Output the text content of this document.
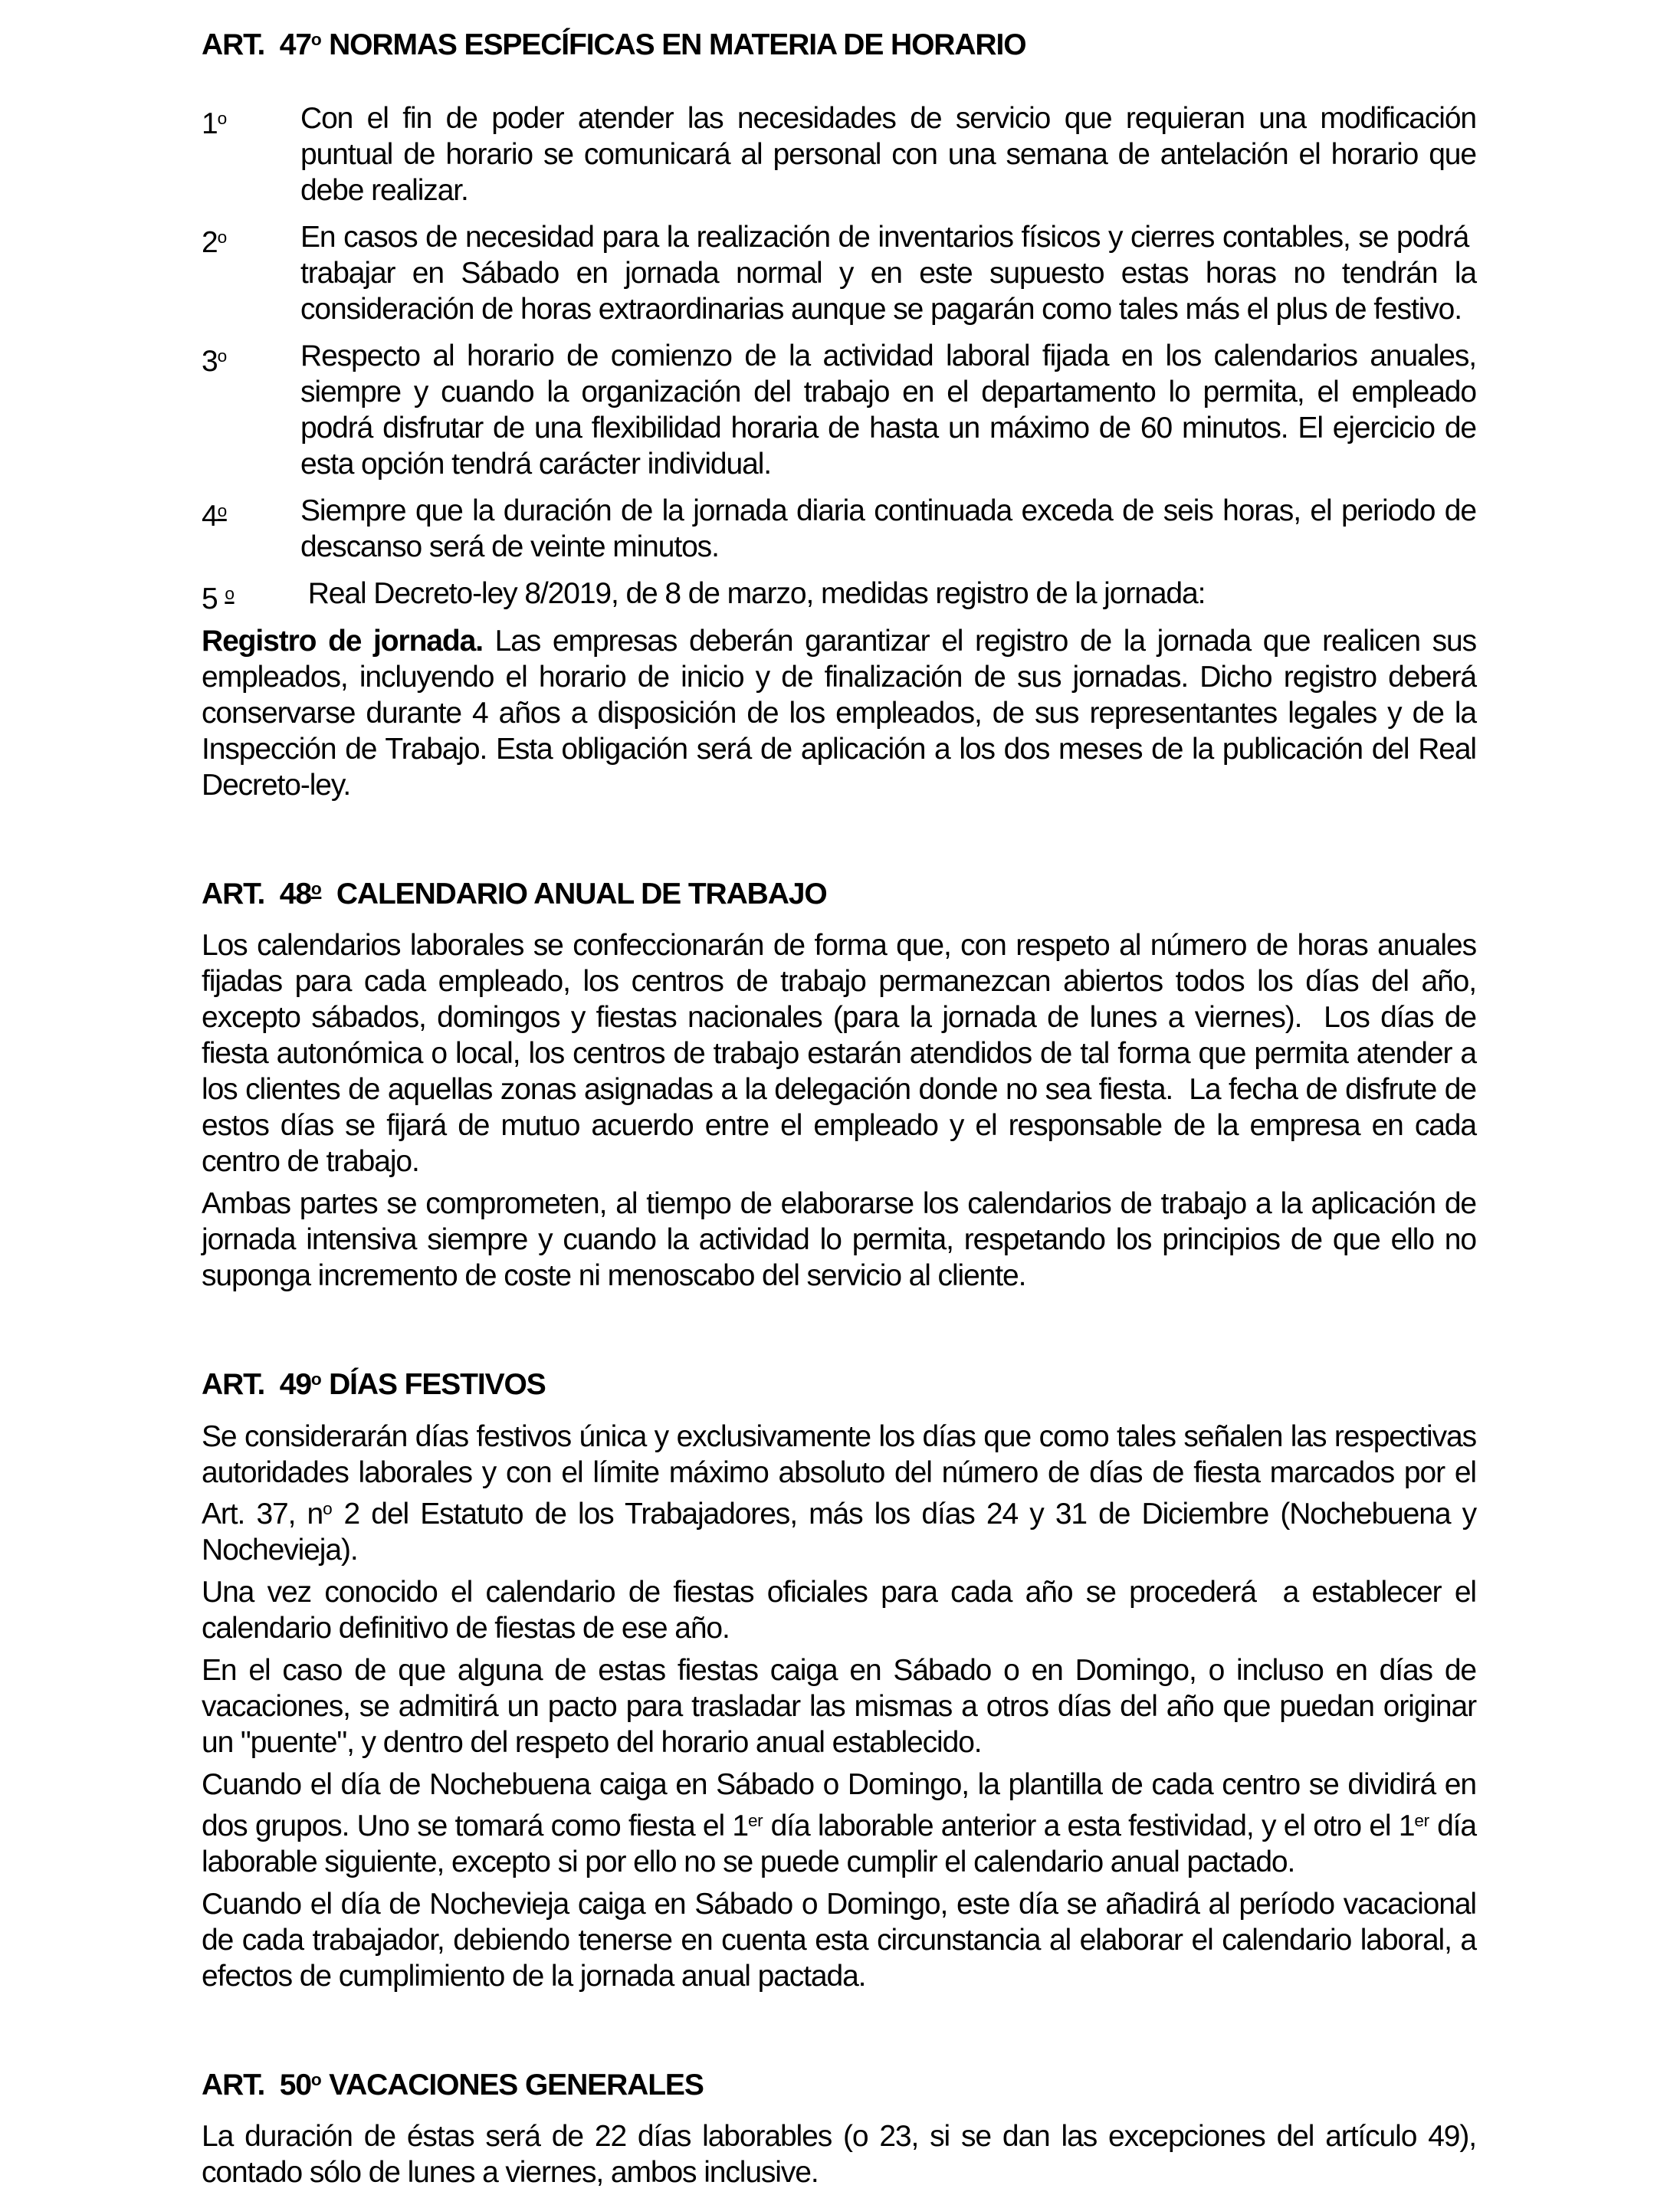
ART.  47$^o$ NORMAS ESPECÍFICAS EN MATERIA DE HORARIO
1$^o$	Con el fin de poder atender las necesidades de servicio que requieran una modificación puntual de horario se comunicará al personal con una semana de antelación el horario que debe realizar.

2$^o$	En casos de necesidad para la realización de inventarios físicos y cierres contables, se podrá  trabajar en Sábado en jornada normal y en este supuesto estas horas no tendrán la consideración de horas extraordinarias aunque se pagarán como tales más el plus de festivo.

3$^o$	Respecto al horario de comienzo de la actividad laboral fijada en los calendarios anuales, siempre y cuando la organización del trabajo en el departamento lo permita, el empleado podrá disfrutar de una flexibilidad horaria de hasta un máximo de 60 minutos. El ejercicio de esta opción tendrá carácter individual.

4$^o$	Siempre que la duración de la jornada diaria continuada exceda de seis horas, el periodo de descanso será de veinte minutos.

5 $^o$	Real Decreto-ley 8/2019, de 8 de marzo, medidas registro de la jornada:

Registro de jornada. Las empresas deberán garantizar el registro de la jornada que realicen sus empleados, incluyendo el horario de inicio y de finalización de sus jornadas. Dicho registro deberá conservarse durante 4 años a disposición de los empleados, de sus representantes legales y de la Inspección de Trabajo. Esta obligación será de aplicación a los dos meses de la publicación del Real Decreto-ley.

ART.  48$^o$  CALENDARIO ANUAL DE TRABAJO

Los calendarios laborales se confeccionarán de forma que, con respeto al número de horas anuales fijadas para cada empleado, los centros de trabajo permanezcan abiertos todos los días del año, excepto sábados, domingos y fiestas nacionales (para la jornada de lunes a viernes).  Los días de fiesta autonómica o local, los centros de trabajo estarán atendidos de tal forma que permita atender a los clientes de aquellas zonas asignadas a la delegación donde no sea fiesta.  La fecha de disfrute de estos días se fijará de mutuo acuerdo entre el empleado y el responsable de la empresa en cada centro de trabajo.

Ambas partes se comprometen, al tiempo de elaborarse los calendarios de trabajo a la aplicación de jornada intensiva siempre y cuando la actividad lo permita, respetando los principios de que ello no suponga incremento de coste ni menoscabo del servicio al cliente.

ART.  49$^o$ DÍAS FESTIVOS

Se considerarán días festivos única y exclusivamente los días que como tales señalen las respectivas autoridades laborales y con el límite máximo absoluto del número de días de fiesta marcados por el Art. 37, $n^o$ 2 del Estatuto de los Trabajadores, más los días 24 y 31 de Diciembre (Nochebuena y Nochevieja).

Una vez conocido el calendario de fiestas oficiales para cada año se procederá  a establecer el calendario definitivo de fiestas de ese año.

En el caso de que alguna de estas fiestas caiga en Sábado o en Domingo, o incluso en días de vacaciones, se admitirá un pacto para trasladar las mismas a otros días del año que puedan originar un "puente", y dentro del respeto del horario anual establecido.

Cuando el día de Nochebuena caiga en Sábado o Domingo, la plantilla de cada centro se dividirá en dos grupos. Uno se tomará como fiesta el 1er día laborable anterior a esta festividad, y el otro el 1er día laborable siguiente, excepto si por ello no se puede cumplir el calendario anual pactado.

Cuando el día de Nochevieja caiga en Sábado o Domingo, este día se añadirá al período vacacional de cada trabajador, debiendo tenerse en cuenta esta circunstancia al elaborar el calendario laboral, a efectos de cumplimiento de la jornada anual pactada.

ART.  50$^o$ VACACIONES GENERALES

La duración de éstas será de 22 días laborables (o 23, si se dan las excepciones del artículo 49), contado sólo de lunes a viernes, ambos inclusive.
